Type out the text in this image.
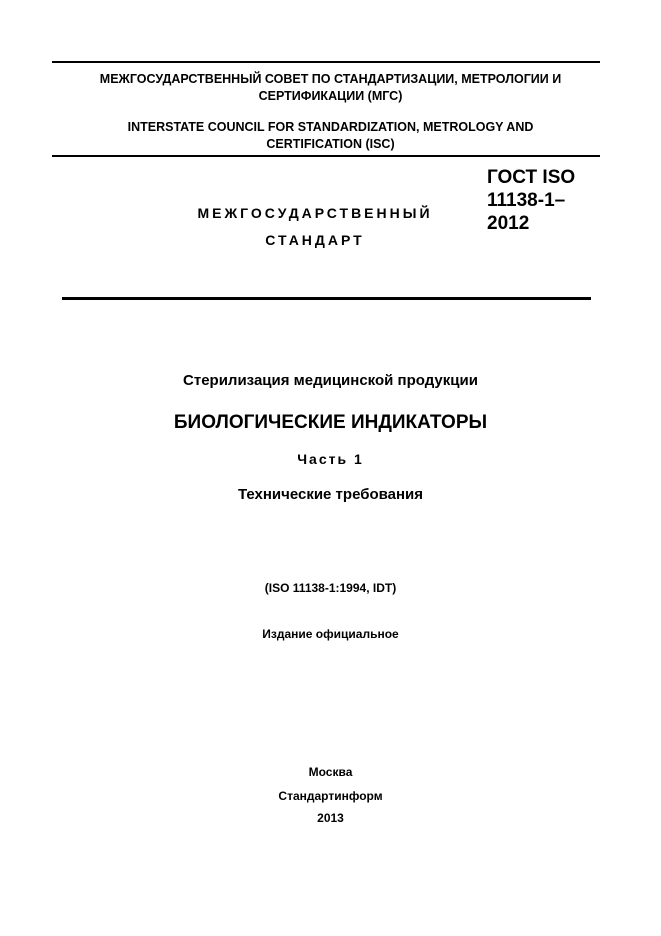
МЕЖГОСУДАРСТВЕННЫЙ СОВЕТ ПО СТАНДАРТИЗАЦИИ, МЕТРОЛОГИИ И
СЕРТИФИКАЦИИ (МГС)
INTERSTATE COUNCIL FOR STANDARDIZATION, METROLOGY AND
CERTIFICATION (ISC)
МЕЖГОСУДАРСТВЕННЫЙ
СТАНДАРТ
ГОСТ ISO
11138-1–
2012
Стерилизация медицинской продукции
БИОЛОГИЧЕСКИЕ ИНДИКАТОРЫ
Часть 1
Технические требования
(ISO 11138-1:1994, IDT)
Издание официальное
Москва
Стандартинформ
2013
